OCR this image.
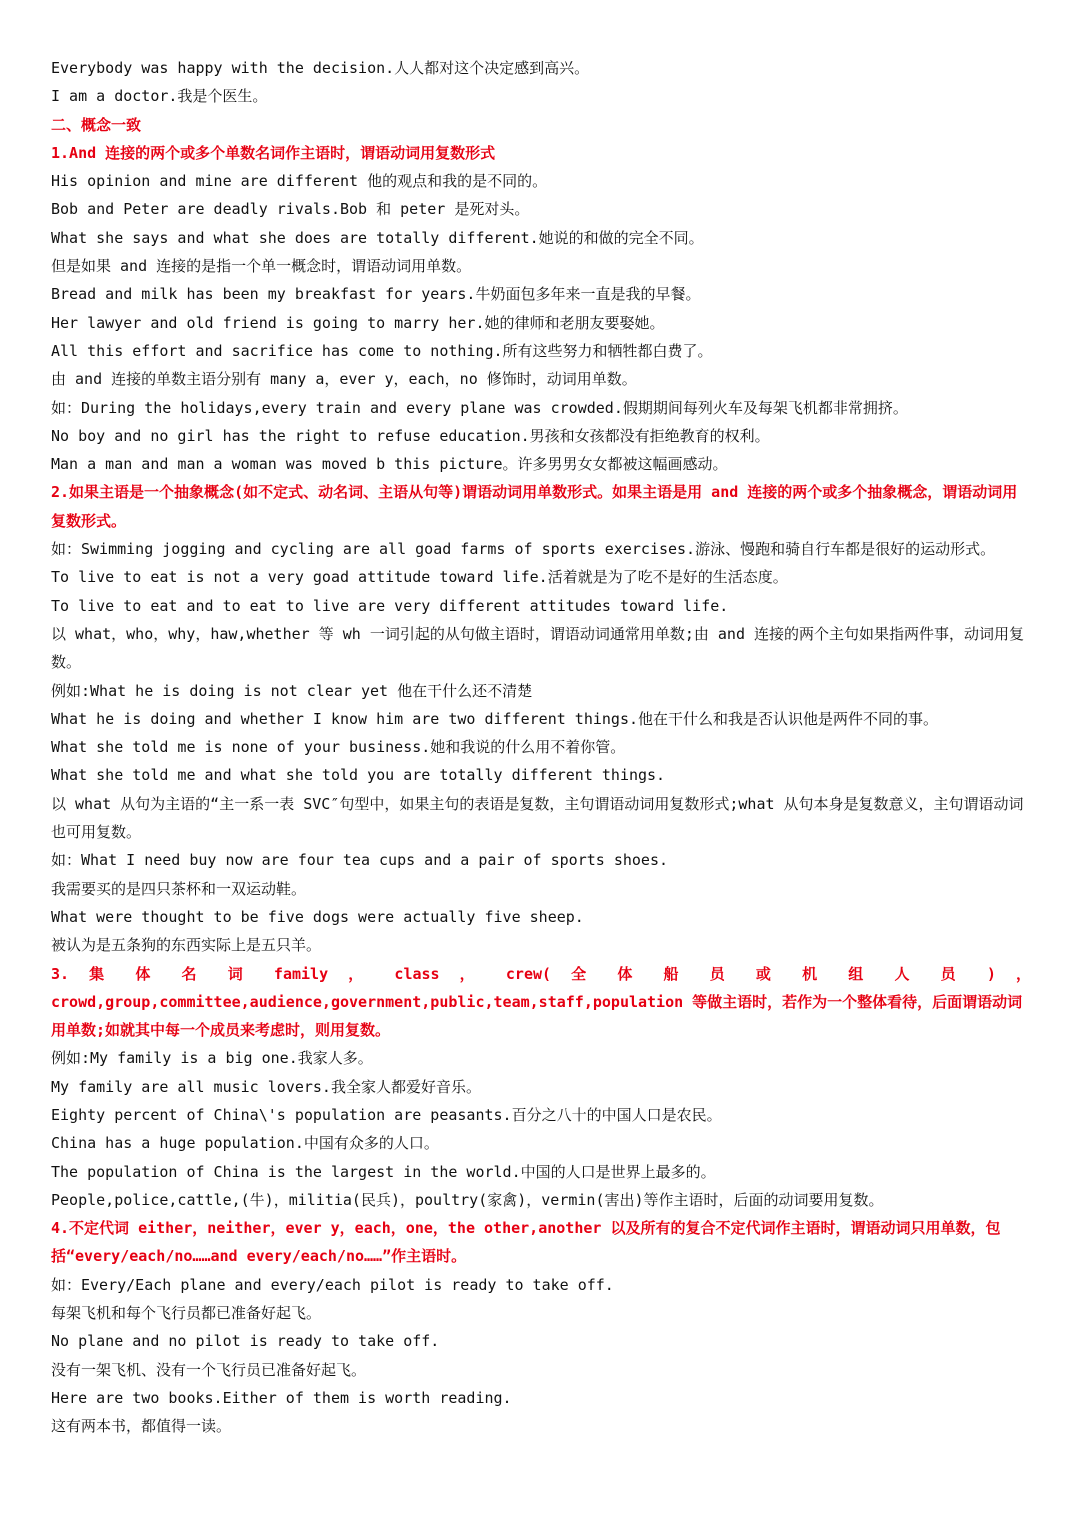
Everybody was happy with the decision.人人都对这个决定感到高兴。

I am a doctor.我是个医生。

二、概念一致

1.And 连接的两个或多个单数名词作主语时，谓语动词用复数形式

His opinion and mine are different 他的观点和我的是不同的。

Bob and Peter are deadly rivals.Bob 和 peter 是死对头。

What she says and what she does are totally different.她说的和做的完全不同。

但是如果 and 连接的是指一个单一概念时，谓语动词用单数。

Bread and milk has been my breakfast for years.牛奶面包多年来一直是我的早餐。

Her lawyer and old friend is going to marry her.她的律师和老朋友要娶她。

All this effort and sacrifice has come to nothing.所有这些努力和牺牲都白费了。

由 and 连接的单数主语分别有 many a，ever y，each，no 修饰时，动词用单数。

如：During the holidays,every train and every plane was crowded.假期期间每列火车及每架飞机都非常拥挤。

No boy and no girl has the right to refuse education.男孩和女孩都没有拒绝教育的权利。

Man a man and man a woman was moved b this picture。许多男男女女都被这幅画感动。

2.如果主语是一个抽象概念(如不定式、动名词、主语从句等)谓语动词用单数形式。如果主语是用 and 连接的两个或多个抽象概念，谓语动词用复数形式。

如：Swimming jogging and cycling are all goad farms of sports exercises.游泳、慢跑和骑自行车都是很好的运动形式。

To live to eat is not a very goad attitude toward life.活着就是为了吃不是好的生活态度。

To live to eat and to eat to live are very different attitudes toward life.

以 what，who，why，haw,whether 等 wh 一词引起的从句做主语时，谓语动词通常用单数;由 and 连接的两个主句如果指两件事，动词用复数。

例如:What he is doing is not clear yet 他在干什么还不清楚

What he is doing and whether I know him are two different things.他在干什么和我是否认识他是两件不同的事。

What she told me is none of your business.她和我说的什么用不着你管。

What she told me and what she told you are totally different things.

以 what 从句为主语的“主一系一表 SVC″句型中，如果主句的表语是复数，主句谓语动词用复数形式;what 从句本身是复数意义，主句谓语动词也可用复数。

如：What I need buy now are four tea cups and a pair of sports shoes.

我需要买的是四只茶杯和一双运动鞋。

What were thought to be five dogs were actually five sheep.

被认为是五条狗的东西实际上是五只羊。

3. 集 体 名 词 family ， class ， crew( 全 体 船 员 或 机 组 人 员 ) ，

crowd,group,committee,audience,government,public,team,staff,population 等做主语时，若作为一个整体看待，后面谓语动词用单数;如就其中每一个成员来考虑时，则用复数。

例如:My family is a big one.我家人多。

My family are all music lovers.我全家人都爱好音乐。

Eighty percent of China\'s population are peasants.百分之八十的中国人口是农民。

China has a huge population.中国有众多的人口。

The population of China is the largest in the world.中国的人口是世界上最多的。

People,police,cattle,(牛)，militia(民兵)，poultry(家禽)，vermin(害出)等作主语时，后面的动词要用复数。

4.不定代词 either，neither，ever y，each，one，the other,another 以及所有的复合不定代词作主语时，谓语动词只用单数，包括“every/each/no……and every/each/no……”作主语时。

如：Every/Each plane and every/each pilot is ready to take off.

每架飞机和每个飞行员都已准备好起飞。

No plane and no pilot is ready to take off.

没有一架飞机、没有一个飞行员已准备好起飞。

Here are two books.Either of them is worth reading.

这有两本书，都值得一读。
